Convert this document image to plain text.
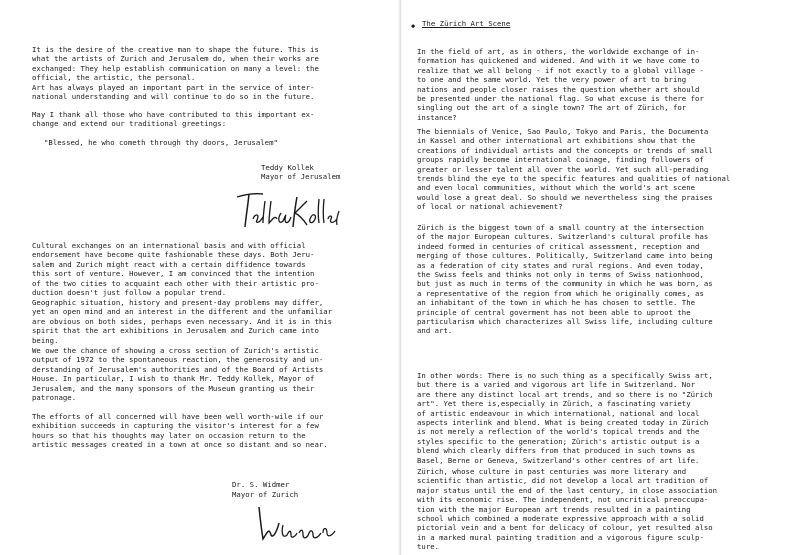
It is the desire of the creative man to shape the future. This is
what the artists of Zurich and Jerusalem do, when their works are
exchanged: They help establish communication on many a level: the
official, the artistic, the personal.

Art has always played an important part in the service of inter-
national understanding and will continue to do so in the future.

May I thank all those who have contributed to this important ex-
change and extend our traditional greetings:

"Blessed, he who cometh through thy doors, Jerusalem"

Teddy Kollek

Mayor of Jerusalem

Cultural exchanges on an international basis and with official
endorsement have become quite fashionable these days. Both Jeru-
salem and Zurich might react with a certain diffidence towards
this sort of venture. However, I am convinced that the intention
of the two cities to acquaint each other with their artistic pro-
duction doesn't just follow a popular trend.

Geographic situation, history and present-day problems may differ,
yet an open mind and an interest in the different and the unfamiliar
are obvious on both sides, perhaps even necessary. And it is in this
spirit that the art exhibitions in Jerusalem and Zurich came into
being.

We owe the chance of showing a cross section of Zurich's artistic
output of 1972 to the spontaneous reaction, the generosity and un-
derstanding of Jerusalem's authorities and of the Board of Artists
House. In particular, I wish to thank Mr. Teddy Kollek, Mayor of
Jerusalem, and the many sponsors of the Museum granting us their
patronage.

The efforts of all concerned will have been well worth-wile if our
exhibition succeeds in capturing the visitor's interest for a few
hours so that his thoughts may later on occasion return to the
artistic messages created in a town at once so distant and so near.

Dr. S. Widmer

Mayor of Zurich

◆ The Zürich Art Scene

In the field of art, as in others, the worldwide exchange of in-
formation has quickened and widened. And with it we have come to
realize that we all belong - if not exactly to a global village -
to one and the same world. Yet the very power of art to bring
nations and people closer raises the question whether art should
be presented under the national flag. So what excuse is there for
singling out the art of a single town? The art of Zürich, for
instance?

The biennials of Venice, Sao Paulo, Tokyo and Paris, the Documenta
in Kassel and other international art exhibitions show that the
creations of individual artists and the concepts or trends of small
groups rapidly become international coinage, finding followers of
greater or lesser talent all over the world. Yet such all-perading
trends blind the eye to the specific features and qualities of national
and even local communities, without which the world's art scene
would lose a great deal. So should we nevertheless sing the praises
of local or national achievement?

Zürich is the biggest town of a small country at the intersection
of the major European cultures. Switzerland's cultural profile has
indeed formed in centuries of critical assessment, reception and
merging of those cultures. Politically, Switzerland came into being
as a federation of city states and rural regions. And even today,
the Swiss feels and thinks not only in terms of Swiss nationhood,
but just as much in terms of the community in which he was born, as
a representative of the region from which he originally comes, as
an inhabitant of the town in which he has chosen to settle. The
principle of central goverment has not been able to uproot the
particularism which characterizes all Swiss life, including culture
and art.

In other words: There is no such thing as a specifically Swiss art,
but there is a varied and vigorous art life in Switzerland. Nor
are there any distinct local art trends, and so there is no "Zürich
art". Yet there is,especially in Zürich, a fascinating variety
of artistic endeavour in which international, national and local
aspects interlink and blend. What is being created today in Zürich
is not merely a reflection of the world's topical trends and the
styles specific to the generation; Zürich's artistic output is a
blend which clearly differs from that produced in such towns as
Basel, Berne or Geneva, Switzerland's other centres of art life.

Zürich, whose culture in past centuries was more literary and
scientific than artistic, did not develop a local art tradition of
major status until the end of the last century, in close association
with its economic rise. The independent, not uncritical preoccupa-
tion with the major European art trends resulted in a painting
school which combined a moderate expressive approach with a solid
pictorial vein and a bent for delicacy of colour, yet resulted also
in a marked mural painting tradition and a vigorous figure sculp-
ture.
